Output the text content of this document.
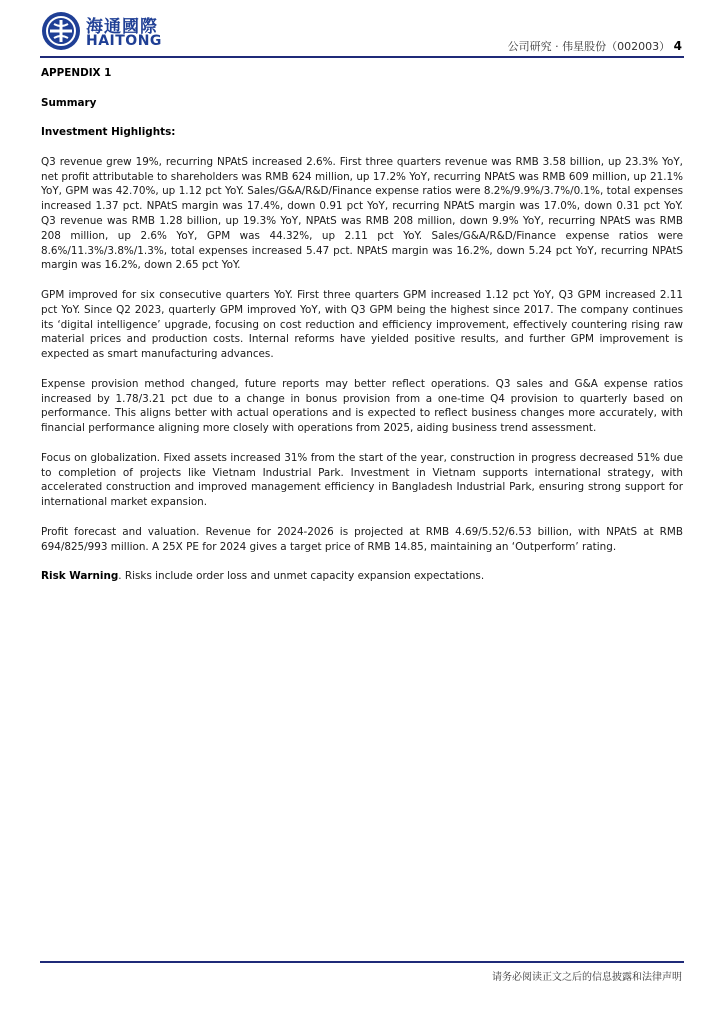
海通國際
HAITONG	公司研究 · 伟星股份（002003） 4

APPENDIX 1

Summary

Investment Highlights:

Q3 revenue grew 19%, recurring NPAtS increased 2.6%. First three quarters revenue was RMB 3.58 billion, up 23.3% YoY, net profit attributable to shareholders was RMB 624 million, up 17.2% YoY, recurring NPAtS was RMB 609 million, up 21.1% YoY, GPM was 42.70%, up 1.12 pct YoY. Sales/G&A/R&D/Finance expense ratios were 8.2%/9.9%/3.7%/0.1%, total expenses increased 1.37 pct. NPAtS margin was 17.4%, down 0.91 pct YoY, recurring NPAtS margin was 17.0%, down 0.31 pct YoY. Q3 revenue was RMB 1.28 billion, up 19.3% YoY, NPAtS was RMB 208 million, down 9.9% YoY, recurring NPAtS was RMB 208 million, up 2.6% YoY, GPM was 44.32%, up 2.11 pct YoY. Sales/G&A/R&D/Finance expense ratios were 8.6%/11.3%/3.8%/1.3%, total expenses increased 5.47 pct. NPAtS margin was 16.2%, down 5.24 pct YoY, recurring NPAtS margin was 16.2%, down 2.65 pct YoY.

GPM improved for six consecutive quarters YoY. First three quarters GPM increased 1.12 pct YoY, Q3 GPM increased 2.11 pct YoY. Since Q2 2023, quarterly GPM improved YoY, with Q3 GPM being the highest since 2017. The company continues its ‘digital intelligence’ upgrade, focusing on cost reduction and efficiency improvement, effectively countering rising raw material prices and production costs. Internal reforms have yielded positive results, and further GPM improvement is expected as smart manufacturing advances.

Expense provision method changed, future reports may better reflect operations. Q3 sales and G&A expense ratios increased by 1.78/3.21 pct due to a change in bonus provision from a one-time Q4 provision to quarterly based on performance. This aligns better with actual operations and is expected to reflect business changes more accurately, with financial performance aligning more closely with operations from 2025, aiding business trend assessment.

Focus on globalization. Fixed assets increased 31% from the start of the year, construction in progress decreased 51% due to completion of projects like Vietnam Industrial Park. Investment in Vietnam supports international strategy, with accelerated construction and improved management efficiency in Bangladesh Industrial Park, ensuring strong support for international market expansion.

Profit forecast and valuation. Revenue for 2024-2026 is projected at RMB 4.69/5.52/6.53 billion, with NPAtS at RMB 694/825/993 million. A 25X PE for 2024 gives a target price of RMB 14.85, maintaining an ‘Outperform’ rating.

Risk Warning. Risks include order loss and unmet capacity expansion expectations.

请务必阅读正文之后的信息披露和法律声明
